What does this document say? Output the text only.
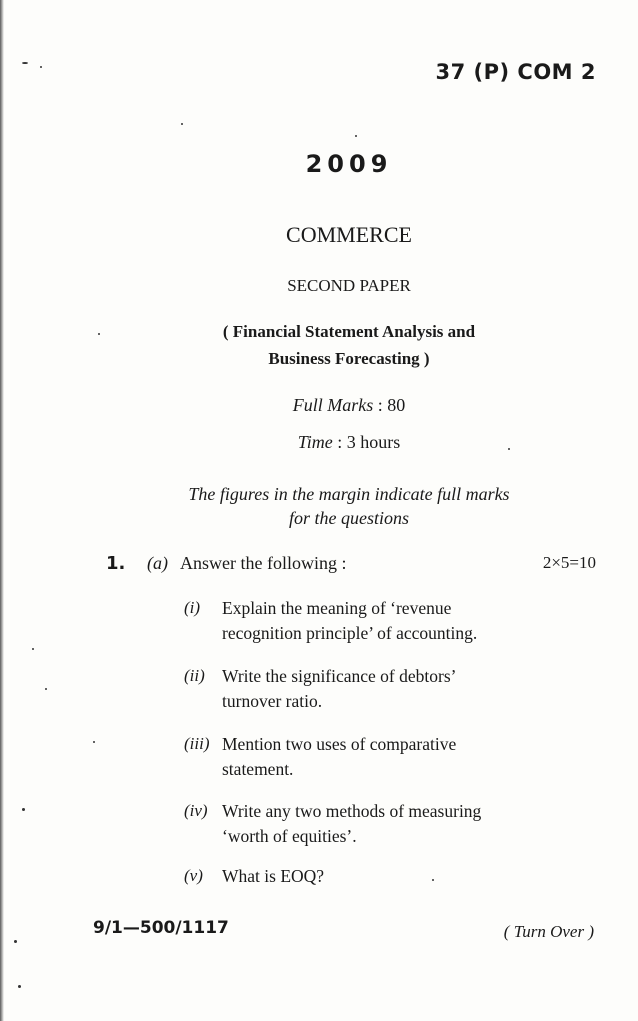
37 (P) COM 2
2009
COMMERCE
SECOND PAPER
( Financial Statement Analysis and
Business Forecasting )
Full Marks : 80
Time : 3 hours
The figures in the margin indicate full marks
for the questions
1. (a) Answer the following :	2×5=10
(i) Explain the meaning of ‘revenue
recognition principle’ of accounting.
(ii) Write the significance of debtors’
turnover ratio.
(iii) Mention two uses of comparative
statement.
(iv) Write any two methods of measuring
‘worth of equities’.
(v) What is EOQ?
9/1—500/1117	( Turn Over )
